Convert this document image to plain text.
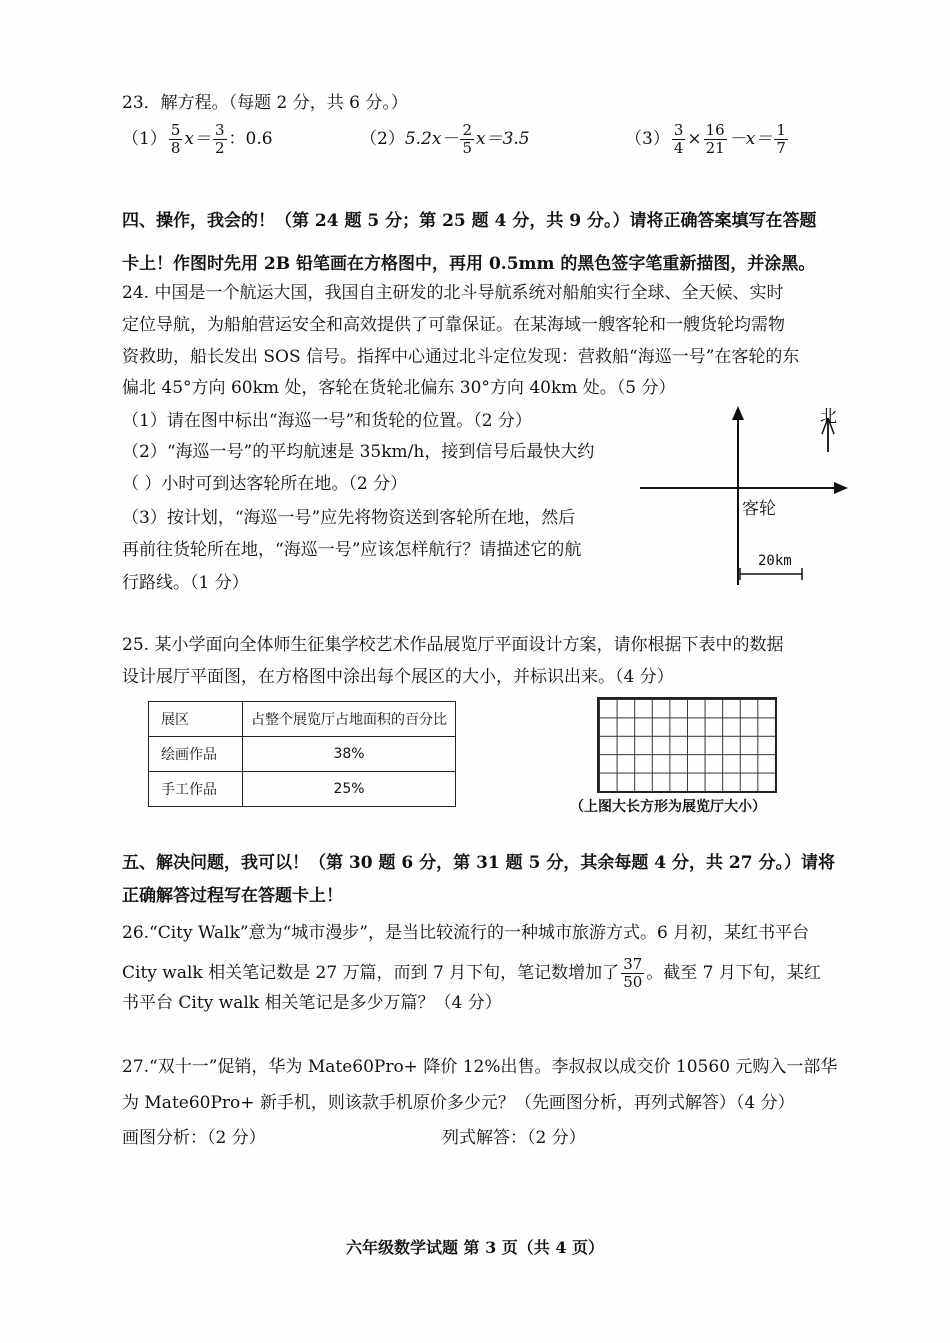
23．解方程。（每题 2 分，共 6 分。）
$(1) \frac{5}{8} x= \frac{3}{2}$ ：0.6	$(2)5.2x- \frac{2}{5} x=3.5$	$(3) \frac{3}{4} \times \frac{16}{21} -x= \frac{1}{7}$
四、操作，我会的！（第 24 题 5 分；第 25 题 4 分，共 9 分。）请将正确答案填写在答题
卡上！作图时先用 2B 铅笔画在方格图中，再用 0.5mm 的黑色签字笔重新描图，并涂黑。
24. 中国是一个航运大国，我国自主研发的北斗导航系统对船舶实行全球、全天候、实时
定位导航，为船舶营运安全和高效提供了可靠保证。在某海域一艘客轮和一艘货轮均需物
资救助，船长发出 SOS 信号。指挥中心通过北斗定位发现：营救船“海巡一号”在客轮的东
偏北 45°方向 60km 处，客轮在货轮北偏东 30°方向 40km 处。（5 分）
（1）请在图中标出“海巡一号”和货轮的位置。（2 分）
（2）“海巡一号”的平均航速是 35km/h，接到信号后最快大约
（ ）小时可到达客轮所在地。（2 分）
（3）按计划，“海巡一号”应先将物资送到客轮所在地，然后
再前往货轮所在地，“海巡一号”应该怎样航行？请描述它的航
行路线。（1 分）
北
客轮
20km
25. 某小学面向全体师生征集学校艺术作品展览厅平面设计方案，请你根据下表中的数据
设计展厅平面图，在方格图中涂出每个展区的大小，并标识出来。（4 分）
展区	占整个展览厅占地面积的百分比
绘画作品	38%
手工作品	25%
（上图大长方形为展览厅大小）
五、解决问题，我可以！（第 30 题 6 分，第 31 题 5 分，其余每题 4 分，共 27 分。）请将
正确解答过程写在答题卡上！
26.“City Walk”意为“城市漫步”，是当比较流行的一种城市旅游方式。6 月初，某红书平台
City walk 相关笔记数是 27 万篇，而到 7 月下旬，笔记数增加了 $\frac{37}{50}$ 。截至 7 月下旬，某红
书平台 City walk 相关笔记是多少万篇？（4 分）
27.“双十一”促销，华为 Mate60Pro+ 降价 12%出售。李叔叔以成交价 10560 元购入一部华
为 Mate60Pro+ 新手机，则该款手机原价多少元？（先画图分析，再列式解答）（4 分）
画图分析：（2 分）	列式解答：（2 分）
六年级数学试题 第 3 页（共 4 页）
